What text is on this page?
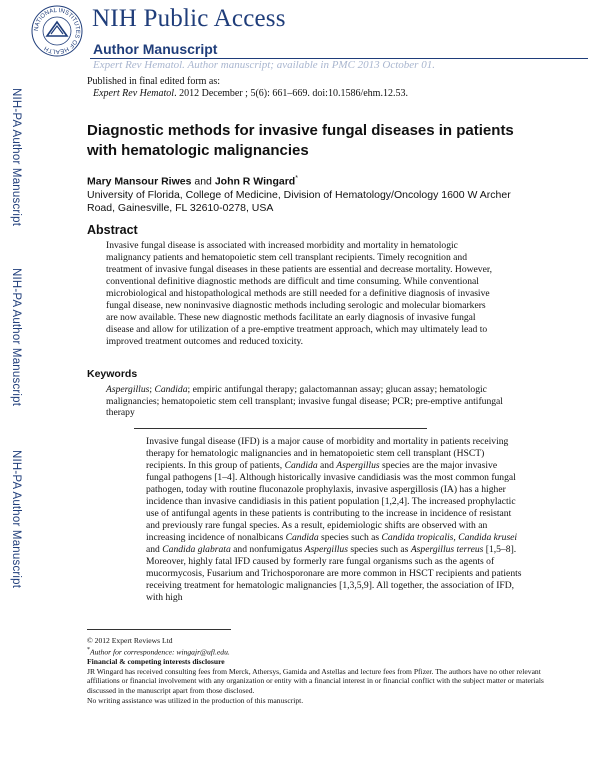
NIH-PA Author Manuscript
NIH-PA Author Manuscript
NIH-PA Author Manuscript
NATIONAL INSTITUTES OF HEALTH
NIH Public Access
Author Manuscript
Expert Rev Hematol. Author manuscript; available in PMC 2013 October 01.
Published in final edited form as:
Expert Rev Hematol. 2012 December ; 5(6): 661–669. doi:10.1586/ehm.12.53.
Diagnostic methods for invasive fungal diseases in patients with hematologic malignancies
Mary Mansour Riwes and John R Wingard*
University of Florida, College of Medicine, Division of Hematology/Oncology 1600 W Archer Road, Gainesville, FL 32610-0278, USA
Abstract
Invasive fungal disease is associated with increased morbidity and mortality in hematologic malignancy patients and hematopoietic stem cell transplant recipients. Timely recognition and treatment of invasive fungal diseases in these patients are essential and decrease mortality. However, conventional definitive diagnostic methods are difficult and time consuming. While conventional microbiological and histopathological methods are still needed for a definitive diagnosis of invasive fungal disease, new noninvasive diagnostic methods including serologic and molecular biomarkers are now available. These new diagnostic methods facilitate an early diagnosis of invasive fungal disease and allow for utilization of a pre-emptive treatment approach, which may ultimately lead to improved treatment outcomes and reduced toxicity.
Keywords
Aspergillus; Candida; empiric antifungal therapy; galactomannan assay; glucan assay; hematologic malignancies; hematopoietic stem cell transplant; invasive fungal disease; PCR; pre-emptive antifungal therapy
Invasive fungal disease (IFD) is a major cause of morbidity and mortality in patients receiving therapy for hematologic malignancies and in hematopoietic stem cell transplant (HSCT) recipients. In this group of patients, Candida and Aspergillus species are the major invasive fungal pathogens [1–4]. Although historically invasive candidiasis was the most common fungal pathogen, today with routine fluconazole prophylaxis, invasive aspergillosis (IA) has a higher incidence than invasive candidiasis in this patient population [1,2,4]. The increased prophylactic use of antifungal agents in these patients is contributing to the increase in incidence of resistant and previously rare fungal species. As a result, epidemiologic shifts are observed with an increasing incidence of nonalbicans Candida species such as Candida tropicalis, Candida krusei and Candida glabrata and nonfumigatus Aspergillus species such as Aspergillus terreus [1,5–8]. Moreover, highly fatal IFD caused by formerly rare fungal organisms such as the agents of mucormycosis, Fusarium and Trichosporonare are more common in HSCT recipients and patients receiving treatment for hematologic malignancies [1,3,5,9]. All together, the association of IFD, with high
© 2012 Expert Reviews Ltd
*Author for correspondence: wingajr@ufl.edu.
Financial & competing interests disclosure
JR Wingard has received consulting fees from Merck, Athersys, Gamida and Astellas and lecture fees from Pfizer. The authors have no other relevant affiliations or financial involvement with any organization or entity with a financial interest in or financial conflict with the subject matter or materials discussed in the manuscript apart from those disclosed.
No writing assistance was utilized in the production of this manuscript.
